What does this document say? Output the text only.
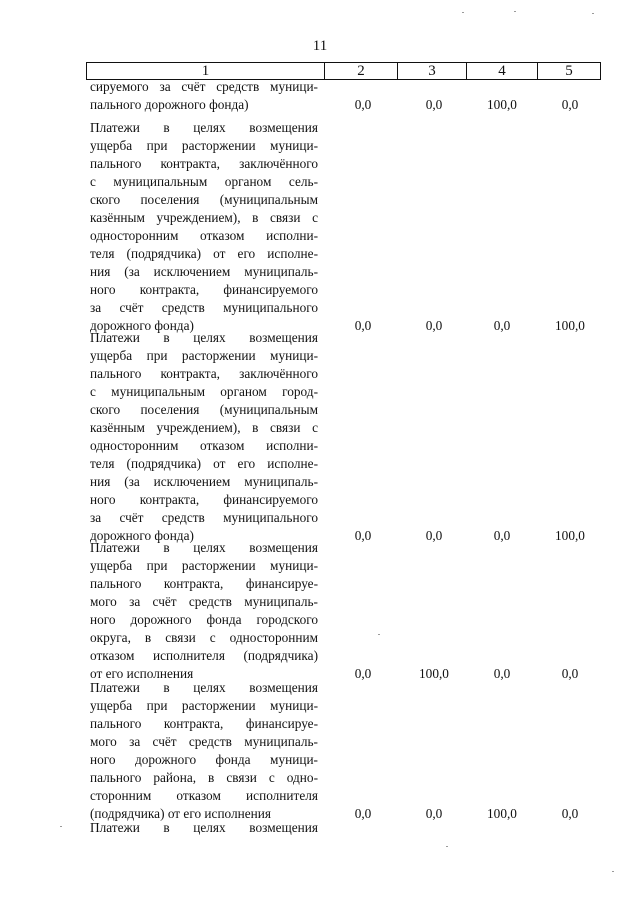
11
1	2	3	4	5
сируемого за счёт средств муници-
пального дорожного фонда)	0,0	0,0	100,0	0,0
Платежи в целях возмещения
ущерба при расторжении муници-
пального контракта, заключённого
с муниципальным органом сель-
ского поселения (муниципальным
казённым учреждением), в связи с
односторонним отказом исполни-
теля (подрядчика) от его исполне-
ния (за исключением муниципаль-
ного контракта, финансируемого
за счёт средств муниципального
дорожного фонда)	0,0	0,0	0,0	100,0
Платежи в целях возмещения
ущерба при расторжении муници-
пального контракта, заключённого
с муниципальным органом город-
ского поселения (муниципальным
казённым учреждением), в связи с
односторонним отказом исполни-
теля (подрядчика) от его исполне-
ния (за исключением муниципаль-
ного контракта, финансируемого
за счёт средств муниципального
дорожного фонда)	0,0	0,0	0,0	100,0
Платежи в целях возмещения
ущерба при расторжении муници-
пального контракта, финансируе-
мого за счёт средств муниципаль-
ного дорожного фонда городского
округа, в связи с односторонним
отказом исполнителя (подрядчика)
от его исполнения	0,0	100,0	0,0	0,0
Платежи в целях возмещения
ущерба при расторжении муници-
пального контракта, финансируе-
мого за счёт средств муниципаль-
ного дорожного фонда муници-
пального района, в связи с одно-
сторонним отказом исполнителя
(подрядчика) от его исполнения	0,0	0,0	100,0	0,0
Платежи в целях возмещения
